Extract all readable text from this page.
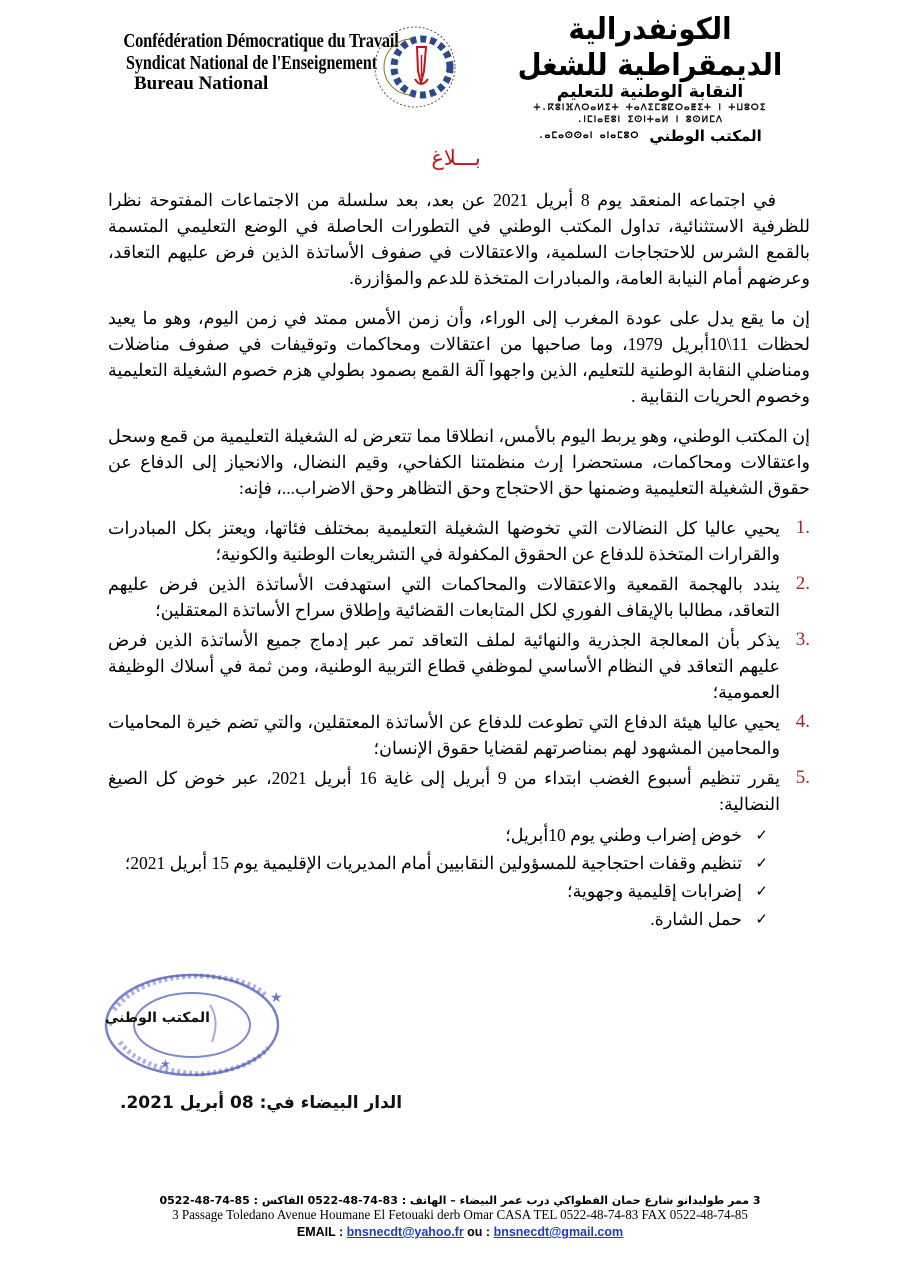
Confédération Démocratique du Travail
Syndicat National de l'Enseignement
Bureau National
الكونفدرالية الديمقراطية للشغل
النقابة الوطنية للتعليم
ⵜ.ⴽⵓⵏⴼⴷⵔⴰⵍⵉⵜ ⵜⴰⴷⵉⵎⵓⵇⵔⴰⵟⵉⵜ ⵏ ⵜⵡⵓⵔⵉ
.ⵏⵎⵏⴰⴹⵓⵏ ⵉⵙⵏⵜⴰⵍ ⵏ ⵓⵙⵍⵎⴷ
المكتب الوطني
.ⴰⵎⴰⵙⵙⴰⵏ ⴰⵏⴰⵎⵓⵔ
بـــلاغ

في اجتماعه المنعقد يوم 8 أبريل 2021 عن بعد، بعد سلسلة من الاجتماعات المفتوحة نظرا للظرفية الاستثنائية، تداول المكتب الوطني في التطورات الحاصلة في الوضع التعليمي المتسمة بالقمع الشرس للاحتجاجات السلمية، والاعتقالات في صفوف الأساتذة الذين فرض عليهم التعاقد، وعرضهم أمام النيابة العامة، والمبادرات المتخذة للدعم والمؤازرة.

إن ما يقع يدل على عودة المغرب إلى الوراء، وأن زمن الأمس ممتد في زمن اليوم، وهو ما يعيد لحظات 11\10أبريل 1979، وما صاحبها من اعتقالات ومحاكمات وتوقيفات في صفوف مناضلات ومناضلي النقابة الوطنية للتعليم، الذين واجهوا آلة القمع بصمود بطولي هزم خصوم الشغيلة التعليمية وخصوم الحريات النقابية .

إن المكتب الوطني، وهو يربط اليوم بالأمس، انطلاقا مما تتعرض له الشغيلة التعليمية من قمع وسحل واعتقالات ومحاكمات، مستحضرا إرث منظمتنا الكفاحي، وقيم النضال، والانحياز إلى الدفاع عن حقوق الشغيلة التعليمية وضمنها حق الاحتجاج وحق التظاهر وحق الاضراب...، فإنه:

1.
يحيي عاليا كل النضالات التي تخوضها الشغيلة التعليمية بمختلف فئاتها، ويعتز بكل المبادرات والقرارات المتخذة للدفاع عن الحقوق المكفولة في التشريعات الوطنية والكونية؛
2.
يندد بالهجمة القمعية والاعتقالات والمحاكمات التي استهدفت الأساتذة الذين فرض عليهم التعاقد، مطالبا بالإيقاف الفوري لكل المتابعات القضائية وإطلاق سراح الأساتذة المعتقلين؛
3.
يذكر بأن المعالجة الجذرية والنهائية لملف التعاقد تمر عبر إدماج جميع الأساتذة الذين فرض عليهم التعاقد في النظام الأساسي لموظفي قطاع التربية الوطنية، ومن ثمة في أسلاك الوظيفة العمومية؛
4.
يحيي عاليا هيئة الدفاع التي تطوعت للدفاع عن الأساتذة المعتقلين، والتي تضم خيرة المحاميات والمحامين المشهود لهم بمناصرتهم لقضايا حقوق الإنسان؛
5.
يقرر تنظيم أسبوع الغضب ابتداء من 9 أبريل إلى غاية 16 أبريل 2021، عبر خوض كل الصيغ النضالية:
✓
خوض إضراب وطني يوم 10أبريل؛
✓
تنظيم وقفات احتجاجية للمسؤولين النقابيين أمام المديريات الإقليمية يوم 15 أبريل 2021؛
✓
إضرابات إقليمية وجهوية؛
✓
حمل الشارة.
★
★
المكتب الوطني
الدار البيضاء في: 08 أبريل 2021.
3 ممر طوليدانو شارع حمان الفطواكي درب عمر البيضاء – الهاتف : 83-74-48-0522 الفاكس : 85-74-48-0522
3 Passage Toledano Avenue Houmane El Fetouaki derb Omar CASA TEL 0522-48-74-83 FAX 0522-48-74-85
EMAIL : bnsnecdt@yahoo.fr ou : bnsnecdt@gmail.com
